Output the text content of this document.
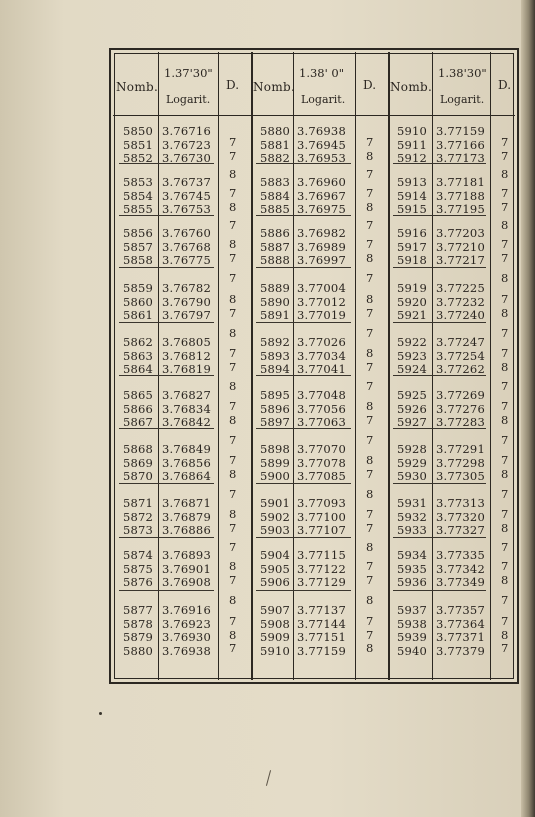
Nomb.
1.37'30"
Logarit.
D.
5850 3.76716
5851 3.76723
5852 3.76730
5853 3.76737
5854 3.76745
5855 3.76753
5856 3.76760
5857 3.76768
5858 3.76775
5859 3.76782
5860 3.76790
5861 3.76797
5862 3.76805
5863 3.76812
5864 3.76819
5865 3.76827
5866 3.76834
5867 3.76842
5868 3.76849
5869 3.76856
5870 3.76864
5871 3.76871
5872 3.76879
5873 3.76886
5874 3.76893
5875 3.76901
5876 3.76908
5877 3.76916
5878 3.76923
5879 3.76930
5880 3.76938
7
7
8
7
8
7
8
7
7
8
7
8
7
7
8
7
8
7
7
8
7
8
7
7
8
7
8
7
8
7
Nomb.
1.38' 0"
Logarit.
D.
5880 3.76938
5881 3.76945
5882 3.76953
5883 3.76960
5884 3.76967
5885 3.76975
5886 3.76982
5887 3.76989
5888 3.76997
5889 3.77004
5890 3.77012
5891 3.77019
5892 3.77026
5893 3.77034
5894 3.77041
5895 3.77048
5896 3.77056
5897 3.77063
5898 3.77070
5899 3.77078
5900 3.77085
5901 3.77093
5902 3.77100
5903 3.77107
5904 3.77115
5905 3.77122
5906 3.77129
5907 3.77137
5908 3.77144
5909 3.77151
5910 3.77159
7
8
7
7
8
7
7
8
7
8
7
7
8
7
7
8
7
7
8
7
8
7
7
8
7
7
8
7
7
8
Nomb.
1.38'30"
Logarit.
D.
5910 3.77159
5911 3.77166
5912 3.77173
5913 3.77181
5914 3.77188
5915 3.77195
5916 3.77203
5917 3.77210
5918 3.77217
5919 3.77225
5920 3.77232
5921 3.77240
5922 3.77247
5923 3.77254
5924 3.77262
5925 3.77269
5926 3.77276
5927 3.77283
5928 3.77291
5929 3.77298
5930 3.77305
5931 3.77313
5932 3.77320
5933 3.77327
5934 3.77335
5935 3.77342
5936 3.77349
5937 3.77357
5938 3.77364
5939 3.77371
5940 3.77379
7
7
8
7
7
8
7
7
8
7
8
7
7
8
7
7
8
7
7
8
7
7
8
7
7
8
7
7
8
7
